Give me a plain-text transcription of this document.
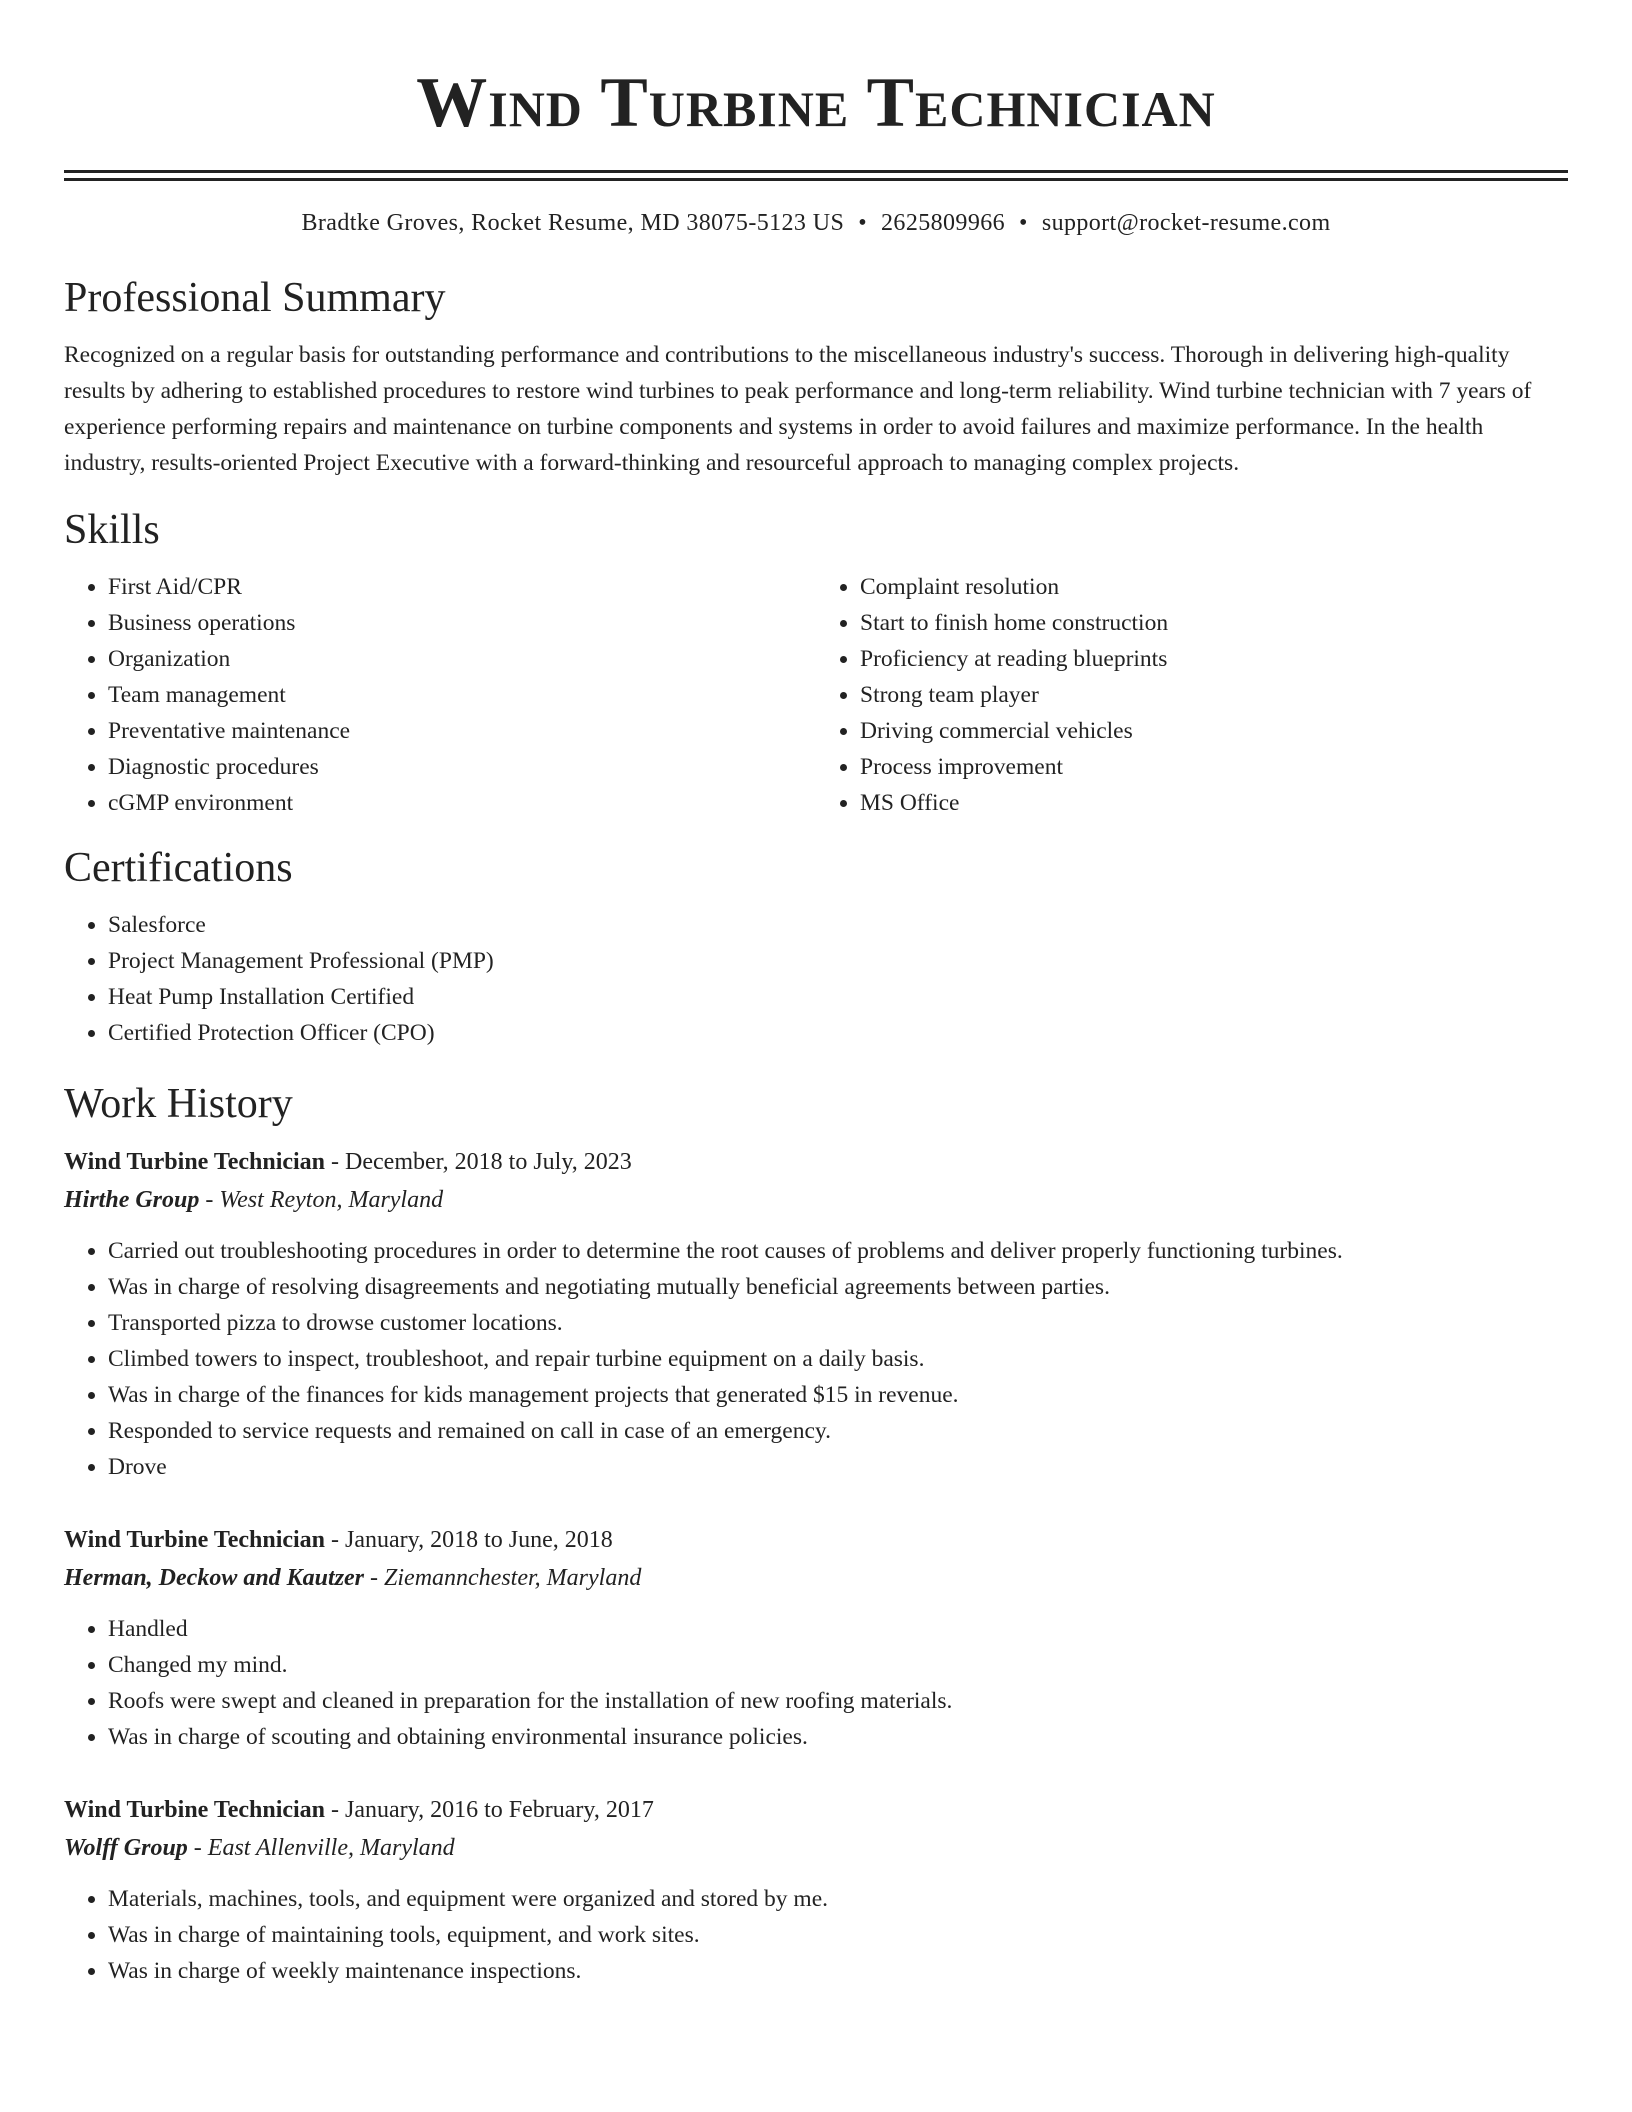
Wind Turbine Technician
Bradtke Groves, Rocket Resume, MD 38075-5123 US • 2625809966 • support@rocket-resume.com
Professional Summary

Recognized on a regular basis for outstanding performance and contributions to the miscellaneous industry's success. Thorough in delivering high-quality results by adhering to established procedures to restore wind turbines to peak performance and long-term reliability. Wind turbine technician with 7 years of experience performing repairs and maintenance on turbine components and systems in order to avoid failures and maximize performance. In the health industry, results-oriented Project Executive with a forward-thinking and resourceful approach to managing complex projects.

Skills
• First Aid/CPR
• Business operations
• Organization
• Team management
• Preventative maintenance
• Diagnostic procedures
• cGMP environment
• Complaint resolution
• Start to finish home construction
• Proficiency at reading blueprints
• Strong team player
• Driving commercial vehicles
• Process improvement
• MS Office
Certifications
• Salesforce
• Project Management Professional (PMP)
• Heat Pump Installation Certified
• Certified Protection Officer (CPO)
Work History
Wind Turbine Technician - December, 2018 to July, 2023
Hirthe Group - West Reyton, Maryland
• Carried out troubleshooting procedures in order to determine the root causes of problems and deliver properly functioning turbines.
• Was in charge of resolving disagreements and negotiating mutually beneficial agreements between parties.
• Transported pizza to drowse customer locations.
• Climbed towers to inspect, troubleshoot, and repair turbine equipment on a daily basis.
• Was in charge of the finances for kids management projects that generated $15 in revenue.
• Responded to service requests and remained on call in case of an emergency.
• Drove
Wind Turbine Technician - January, 2018 to June, 2018
Herman, Deckow and Kautzer - Ziemannchester, Maryland
• Handled
• Changed my mind.
• Roofs were swept and cleaned in preparation for the installation of new roofing materials.
• Was in charge of scouting and obtaining environmental insurance policies.
Wind Turbine Technician - January, 2016 to February, 2017
Wolff Group - East Allenville, Maryland
• Materials, machines, tools, and equipment were organized and stored by me.
• Was in charge of maintaining tools, equipment, and work sites.
• Was in charge of weekly maintenance inspections.
